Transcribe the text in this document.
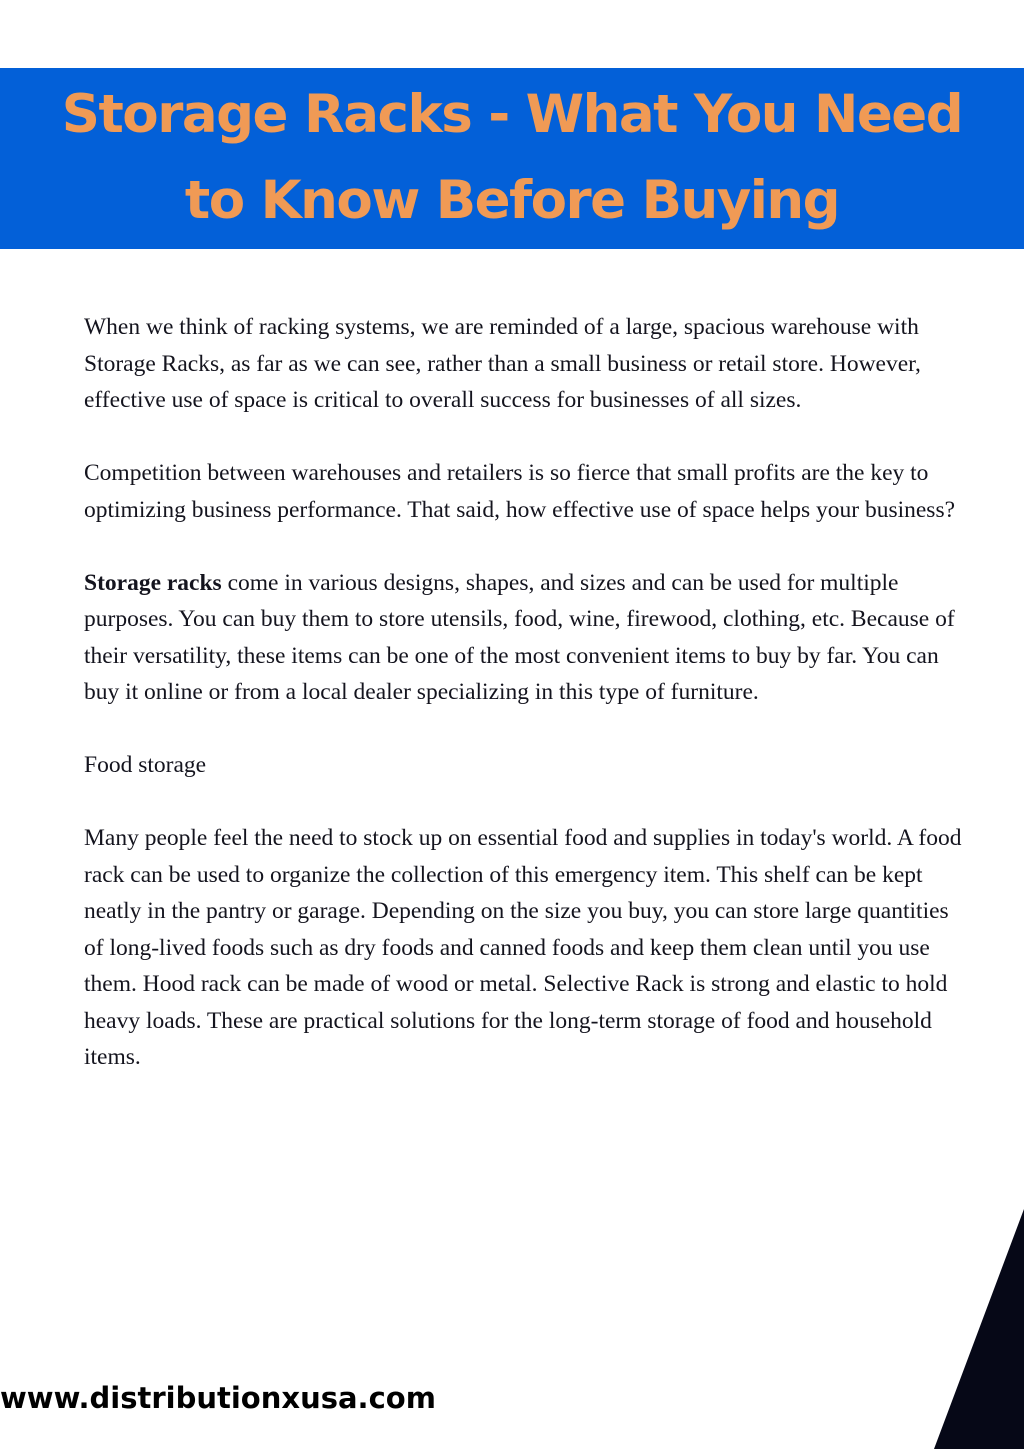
Storage Racks - What You Need
to Know Before Buying

When we think of racking systems, we are reminded of a large, spacious warehouse with Storage Racks, as far as we can see, rather than a small business or retail store. However, effective use of space is critical to overall success for businesses of all sizes.

Competition between warehouses and retailers is so fierce that small profits are the key to optimizing business performance. That said, how effective use of space helps your business?

Storage racks come in various designs, shapes, and sizes and can be used for multiple purposes. You can buy them to store utensils, food, wine, firewood, clothing, etc. Because of their versatility, these items can be one of the most convenient items to buy by far. You can buy it online or from a local dealer specializing in this type of furniture.

Food storage

Many people feel the need to stock up on essential food and supplies in today's world. A food rack can be used to organize the collection of this emergency item. This shelf can be kept neatly in the pantry or garage. Depending on the size you buy, you can store large quantities of long-lived foods such as dry foods and canned foods and keep them clean until you use them. Hood rack can be made of wood or metal. Selective Rack is strong and elastic to hold heavy loads. These are practical solutions for the long-term storage of food and household items.

www.distributionxusa.com
